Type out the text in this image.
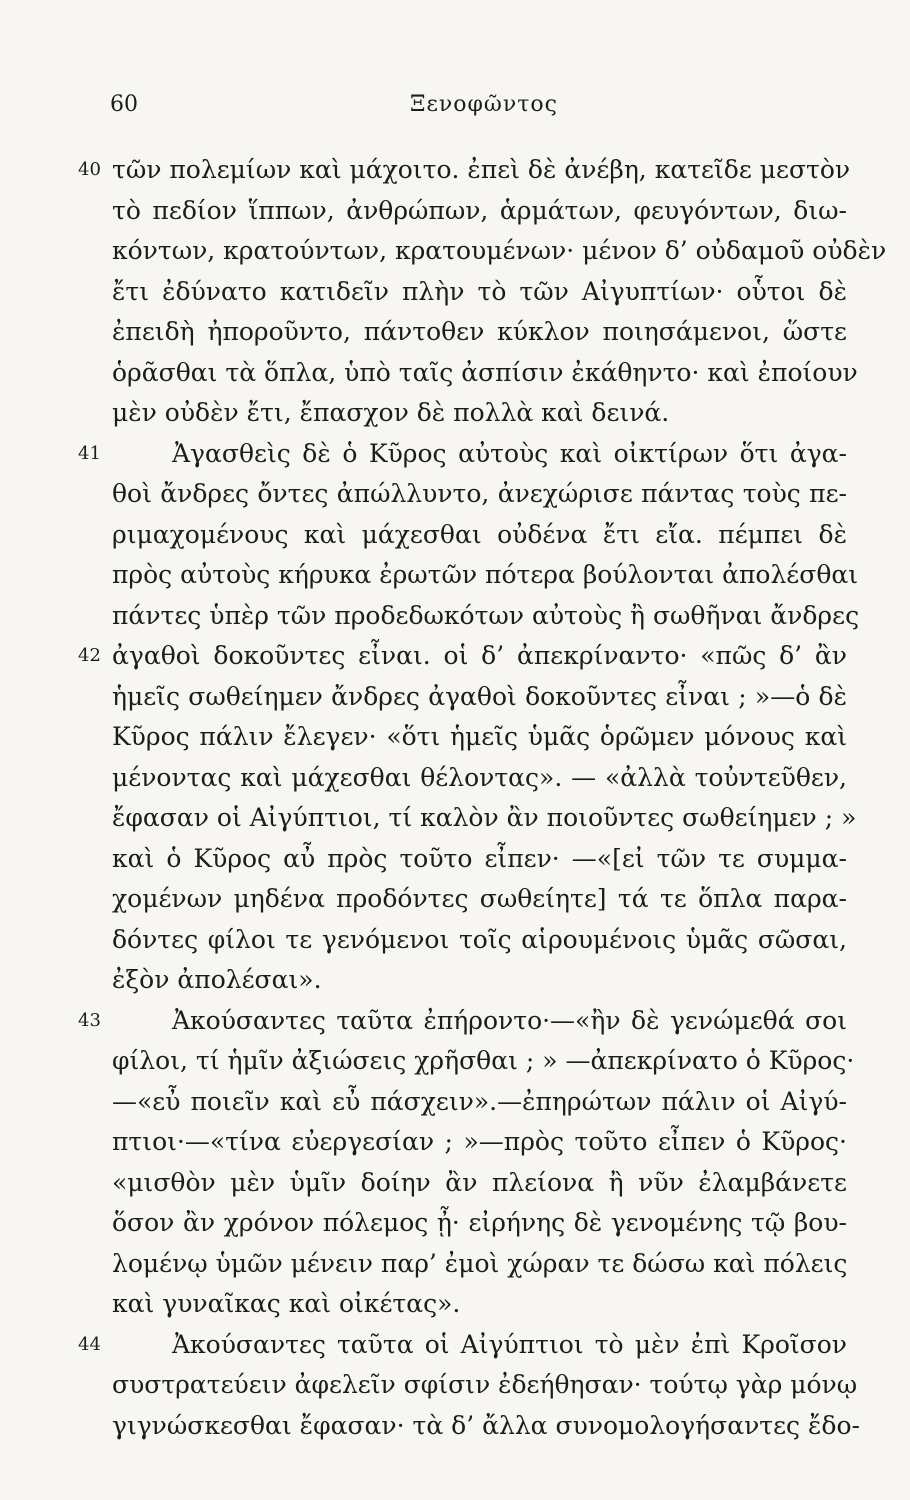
60	Ξενοφῶντος
40 τῶν πολεμίων καὶ μάχοιτο. ἐπεὶ δὲ ἀνέβη, κατεῖδε μεστὸν
τὸ πεδίον ἵππων, ἀνθρώπων, ἁρμάτων, φευγόντων, διω-
κόντων, κρατούντων, κρατουμένων· μένον δ’ οὐδαμοῦ οὐδὲν
ἔτι ἐδύνατο κατιδεῖν πλὴν τὸ τῶν Αἰγυπτίων· οὗτοι δὲ
ἐπειδὴ ἠποροῦντο, πάντοθεν κύκλον ποιησάμενοι, ὥστε
ὁρᾶσθαι τὰ ὅπλα, ὑπὸ ταῖς ἀσπίσιν ἐκάθηντο· καὶ ἐποίουν
μὲν οὐδὲν ἔτι, ἔπασχον δὲ πολλὰ καὶ δεινά.
41	Ἀγασθεὶς δὲ ὁ Κῦρος αὐτοὺς καὶ οἰκτίρων ὅτι ἀγα-
θοὶ ἄνδρες ὄντες ἀπώλλυντο, ἀνεχώρισε πάντας τοὺς πε-
ριμαχομένους καὶ μάχεσθαι οὐδένα ἔτι εἴα. πέμπει δὲ
πρὸς αὐτοὺς κήρυκα ἐρωτῶν πότερα βούλονται ἀπολέσθαι
πάντες ὑπὲρ τῶν προδεδωκότων αὐτοὺς ἢ σωθῆναι ἄνδρες
42 ἀγαθοὶ δοκοῦντες εἶναι. οἱ δ’ ἀπεκρίναντο· «πῶς δ’ ἂν
ἡμεῖς σωθείημεν ἄνδρες ἀγαθοὶ δοκοῦντες εἶναι ; »—ὁ δὲ
Κῦρος πάλιν ἔλεγεν· «ὅτι ἡμεῖς ὑμᾶς ὁρῶμεν μόνους καὶ
μένοντας καὶ μάχεσθαι θέλοντας». — «ἀλλὰ τοὐντεῦθεν,
ἔφασαν οἱ Αἰγύπτιοι, τί καλὸν ἂν ποιοῦντες σωθείημεν ; »
καὶ ὁ Κῦρος αὖ πρὸς τοῦτο εἶπεν· —«[εἰ τῶν τε συμμα-
χομένων μηδένα προδόντες σωθείητε] τά τε ὅπλα παρα-
δόντες φίλοι τε γενόμενοι τοῖς αἱρουμένοις ὑμᾶς σῶσαι,
ἐξὸν ἀπολέσαι».
43	Ἀκούσαντες ταῦτα ἐπήροντο·—«ἢν δὲ γενώμεθά σοι
φίλοι, τί ἡμῖν ἀξιώσεις χρῆσθαι ; » —ἀπεκρίνατο ὁ Κῦρος·
—«εὖ ποιεῖν καὶ εὖ πάσχειν».—ἐπηρώτων πάλιν οἱ Αἰγύ-
πτιοι·—«τίνα εὐεργεσίαν ; »—πρὸς τοῦτο εἶπεν ὁ Κῦρος·
«μισθὸν μὲν ὑμῖν δοίην ἂν πλείονα ἢ νῦν ἐλαμβάνετε
ὅσον ἂν χρόνον πόλεμος ᾖ· εἰρήνης δὲ γενομένης τῷ βου-
λομένῳ ὑμῶν μένειν παρ’ ἐμοὶ χώραν τε δώσω καὶ πόλεις
καὶ γυναῖκας καὶ οἰκέτας».
44	Ἀκούσαντες ταῦτα οἱ Αἰγύπτιοι τὸ μὲν ἐπὶ Κροῖσον
συστρατεύειν ἀφελεῖν σφίσιν ἐδεήθησαν· τούτῳ γὰρ μόνῳ
γιγνώσκεσθαι ἔφασαν· τὰ δ’ ἄλλα συνομολογήσαντες ἔδο-
